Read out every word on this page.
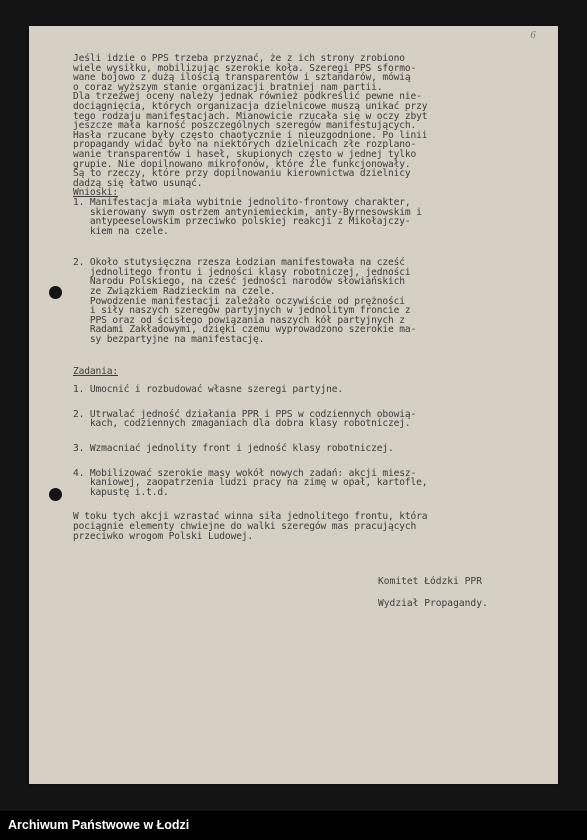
6
Jeśli idzie o PPS trzeba przyznać, że z ich strony zrobiono
wiele wysiłku, mobilizując szerokie koła. Szeregi PPS sformo-
wane bojowo z dużą ilością transparentów i sztandarów, mówią
o coraz wyższym stanie organizacji bratniej nam partii.
Dla trzeźwej oceny należy jednak również podkreślić pewne nie-
dociągnięcia, których organizacja dzielnicowe muszą unikać przy
tego rodzaju manifestacjach. Mianowicie rzucała się w oczy zbyt
jeszcze mała karność poszczególnych szeregów manifestujących.
Hasła rzucane były często chaotycznie i nieuzgodnione. Po linii
propagandy widać było na niektórych dzielnicach złe rozplano-
wanie transparentów i haseł, skupionych często w jednej tylko
grupie. Nie dopilnowano mikrofonów, które źle funkcjonowały.
Są to rzeczy, które przy dopilnowaniu kierownictwa dzielnicy
dadzą się łatwo usunąć.
Wnioski:
1. Manifestacja miała wybitnie jednolito-frontowy charakter,
skierowany swym ostrzem antyniemieckim, anty-Byrnesowskim i
antypeeselowskim przeciwko polskiej reakcji z Mikołajczy-
kiem na czele.
2. Około stutysięczna rzesza Łodzian manifestowała na cześć
jednolitego frontu i jedności klasy robotniczej, jedności
Narodu Polskiego, na cześć jedności narodów słowiańskich
ze Związkiem Radzieckim na czele.
Powodzenie manifestacji zależało oczywiście od prężności
i siły naszych szeregów partyjnych w jednolitym froncie z
PPS oraz od ścisłego powiązania naszych kół partyjnych z
Radami Zakładowymi, dzięki czemu wyprowadzono szerokie ma-
sy bezpartyjne na manifestację.
Zadania:
1. Umocnić i rozbudować własne szeregi partyjne.
2. Utrwalać jedność działania PPR i PPS w codziennych obowią-
kach, codziennych zmaganiach dla dobra klasy robotniczej.
3. Wzmacniać jednolity front i jedność klasy robotniczej.
4. Mobilizować szerokie masy wokół nowych zadań: akcji miesz-
kaniowej, zaopatrzenia ludzi pracy na zimę w opał, kartofle,
kapustę i.t.d.
W toku tych akcji wzrastać winna siła jednolitego frontu, która
pociągnie elementy chwiejne do walki szeregów mas pracujących
przeciwko wrogom Polski Ludowej.
Komitet Łódzki PPR
Wydział Propagandy.
Archiwum Państwowe w Łodzi
